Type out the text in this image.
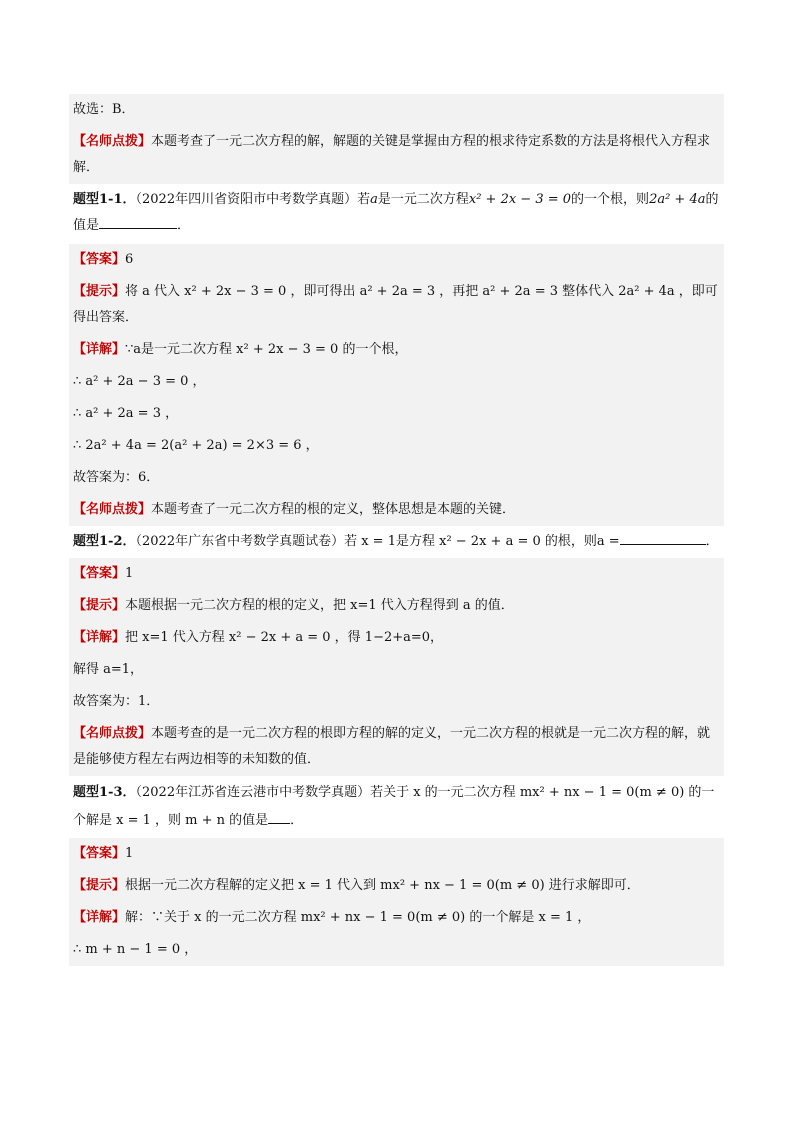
故选：B．
【名师点拨】本题考查了一元二次方程的解，解题的关键是掌握由方程的根求待定系数的方法是将根代入方程求解．
题型1-1．（2022年四川省资阳市中考数学真题）若a是一元二次方程x² + 2x − 3 = 0的一个根，则2a² + 4a的值是	．
【答案】6
【提示】将 a 代入 x² + 2x − 3 = 0 ，即可得出 a² + 2a = 3 ，再把 a² + 2a = 3 整体代入 2a² + 4a ，即可得出答案．
【详解】∵a是一元二次方程 x² + 2x − 3 = 0 的一个根，
∴ a² + 2a − 3 = 0 ，
∴ a² + 2a = 3 ，
∴ 2a² + 4a = 2(a² + 2a) = 2×3 = 6 ，
故答案为：6．
【名师点拨】本题考查了一元二次方程的根的定义，整体思想是本题的关键．
题型1-2．（2022年广东省中考数学真题试卷）若 x = 1是方程 x² − 2x + a = 0 的根，则a =	．
【答案】1
【提示】本题根据一元二次方程的根的定义，把 x=1 代入方程得到 a 的值．
【详解】把 x=1 代入方程 x² − 2x + a = 0 ，得 1−2+a=0，
解得 a=1，
故答案为：1．
【名师点拨】本题考查的是一元二次方程的根即方程的解的定义，一元二次方程的根就是一元二次方程的解，就是能够使方程左右两边相等的未知数的值．
题型1-3．（2022年江苏省连云港市中考数学真题）若关于 x 的一元二次方程 mx² + nx − 1 = 0(m ≠ 0) 的一个解是 x = 1 ，则 m + n 的值是 ．
【答案】1
【提示】根据一元二次方程解的定义把 x = 1 代入到 mx² + nx − 1 = 0(m ≠ 0) 进行求解即可．
【详解】解：∵关于 x 的一元二次方程 mx² + nx − 1 = 0(m ≠ 0) 的一个解是 x = 1 ，
∴ m + n − 1 = 0 ，
